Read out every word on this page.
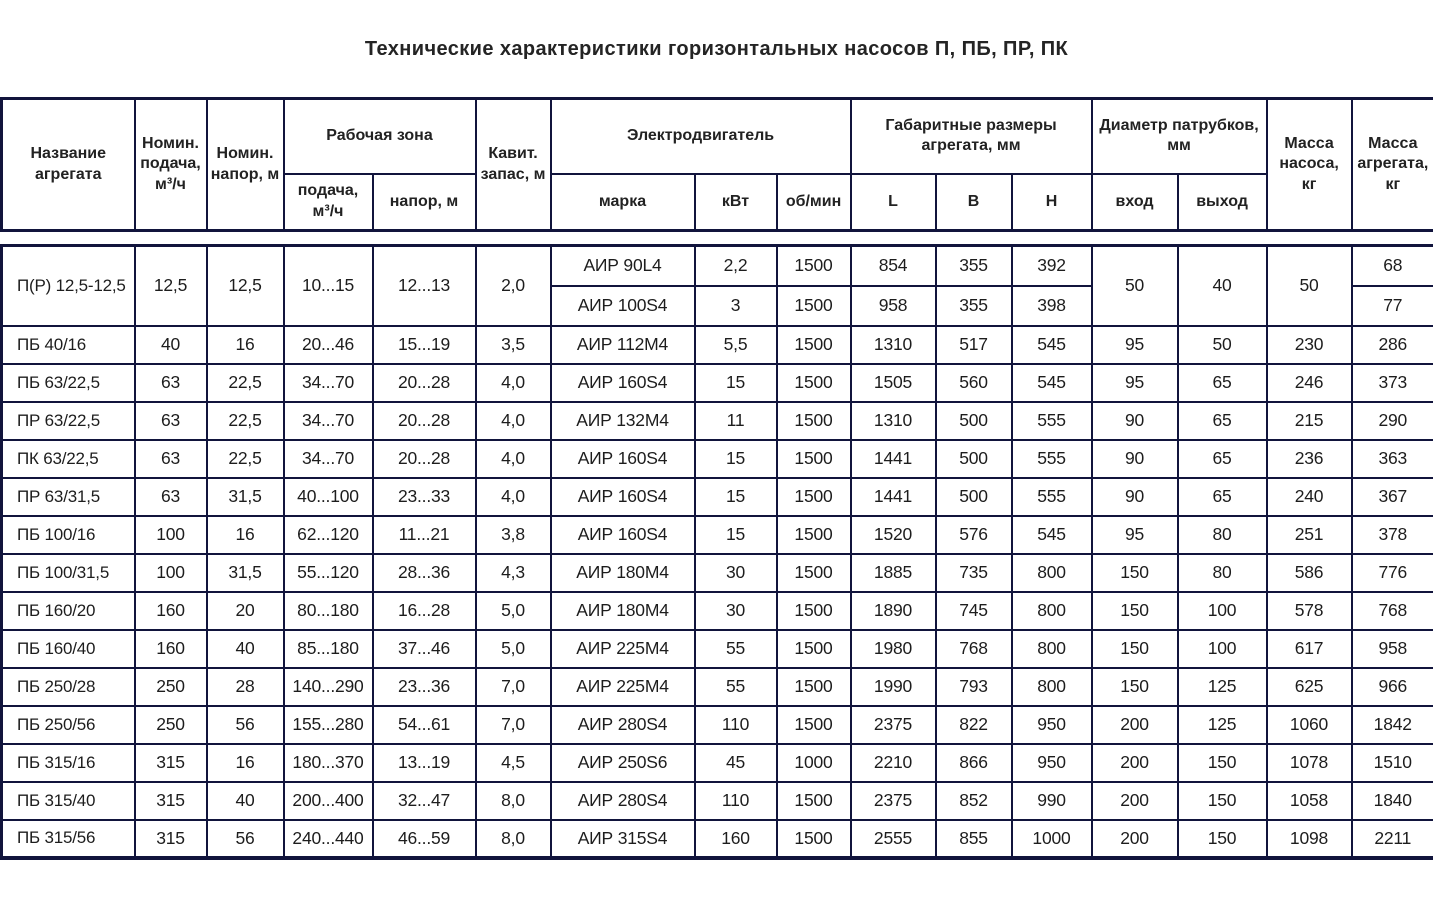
Технические характеристики горизонтальных насосов П, ПБ, ПР, ПК
Название агрегата	Номин. подача, м³/ч	Номин. напор, м	Рабочая зона		Кавит. запас, м	Электродвигатель			Габаритные размеры агрегата, мм			Диаметр патрубков, мм		Масса насоса, кг	Масса агрегата, кг
			подача, м³/ч	напор, м		марка	кВт	об/мин	L	B	H	вход	выход		
П(Р) 12,5-12,5	12,5	12,5	10...15	12...13	2,0	АИР 90L4	2,2	1500	854	355	392	50	40	50	68
						АИР 100S4	3	1500	958	355	398				77
ПБ 40/16	40	16	20...46	15...19	3,5	АИР 112M4	5,5	1500	1310	517	545	95	50	230	286
ПБ 63/22,5	63	22,5	34...70	20...28	4,0	АИР 160S4	15	1500	1505	560	545	95	65	246	373
ПР 63/22,5	63	22,5	34...70	20...28	4,0	АИР 132M4	11	1500	1310	500	555	90	65	215	290
ПК 63/22,5	63	22,5	34...70	20...28	4,0	АИР 160S4	15	1500	1441	500	555	90	65	236	363
ПР 63/31,5	63	31,5	40...100	23...33	4,0	АИР 160S4	15	1500	1441	500	555	90	65	240	367
ПБ 100/16	100	16	62...120	11...21	3,8	АИР 160S4	15	1500	1520	576	545	95	80	251	378
ПБ 100/31,5	100	31,5	55...120	28...36	4,3	АИР 180M4	30	1500	1885	735	800	150	80	586	776
ПБ 160/20	160	20	80...180	16...28	5,0	АИР 180M4	30	1500	1890	745	800	150	100	578	768
ПБ 160/40	160	40	85...180	37...46	5,0	АИР 225M4	55	1500	1980	768	800	150	100	617	958
ПБ 250/28	250	28	140...290	23...36	7,0	АИР 225M4	55	1500	1990	793	800	150	125	625	966
ПБ 250/56	250	56	155...280	54...61	7,0	АИР 280S4	110	1500	2375	822	950	200	125	1060	1842
ПБ 315/16	315	16	180...370	13...19	4,5	АИР 250S6	45	1000	2210	866	950	200	150	1078	1510
ПБ 315/40	315	40	200...400	32...47	8,0	АИР 280S4	110	1500	2375	852	990	200	150	1058	1840
ПБ 315/56	315	56	240...440	46...59	8,0	АИР 315S4	160	1500	2555	855	1000	200	150	1098	2211
